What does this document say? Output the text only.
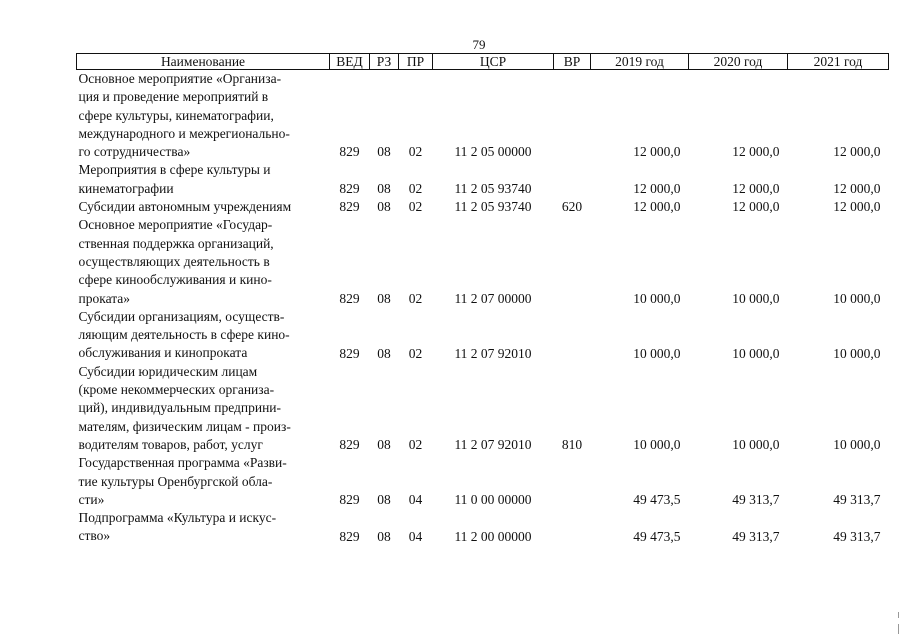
79
Наименование	ВЕД	РЗ	ПР	ЦСР	ВР	2019 год	2020 год	2021 год

Основное мероприятие «Организа-
ция и проведение мероприятий в
сфере культуры, кинематографии,
международного и межрегионально-
го сотрудничества»	829	08	02	11 2 05 00000		12 000,0	12 000,0	12 000,0

Мероприятия в сфере культуры и
кинематографии	829	08	02	11 2 05 93740		12 000,0	12 000,0	12 000,0

Субсидии автономным учреждениям	829	08	02	11 2 05 93740	620	12 000,0	12 000,0	12 000,0

Основное мероприятие «Государ-
ственная поддержка организаций,
осуществляющих деятельность в
сфере кинообслуживания и кино-
проката»	829	08	02	11 2 07 00000		10 000,0	10 000,0	10 000,0

Субсидии организациям, осуществ-
ляющим деятельность в сфере кино-
обслуживания и кинопроката	829	08	02	11 2 07 92010		10 000,0	10 000,0	10 000,0

Субсидии юридическим лицам
(кроме некоммерческих организа-
ций), индивидуальным предприни-
мателям, физическим лицам - произ-
водителям товаров, работ, услуг	829	08	02	11 2 07 92010	810	10 000,0	10 000,0	10 000,0

Государственная программа «Разви-
тие культуры Оренбургской обла-
сти»	829	08	04	11 0 00 00000		49 473,5	49 313,7	49 313,7

Подпрограмма «Культура и искус-
ство»	829	08	04	11 2 00 00000		49 473,5	49 313,7	49 313,7
